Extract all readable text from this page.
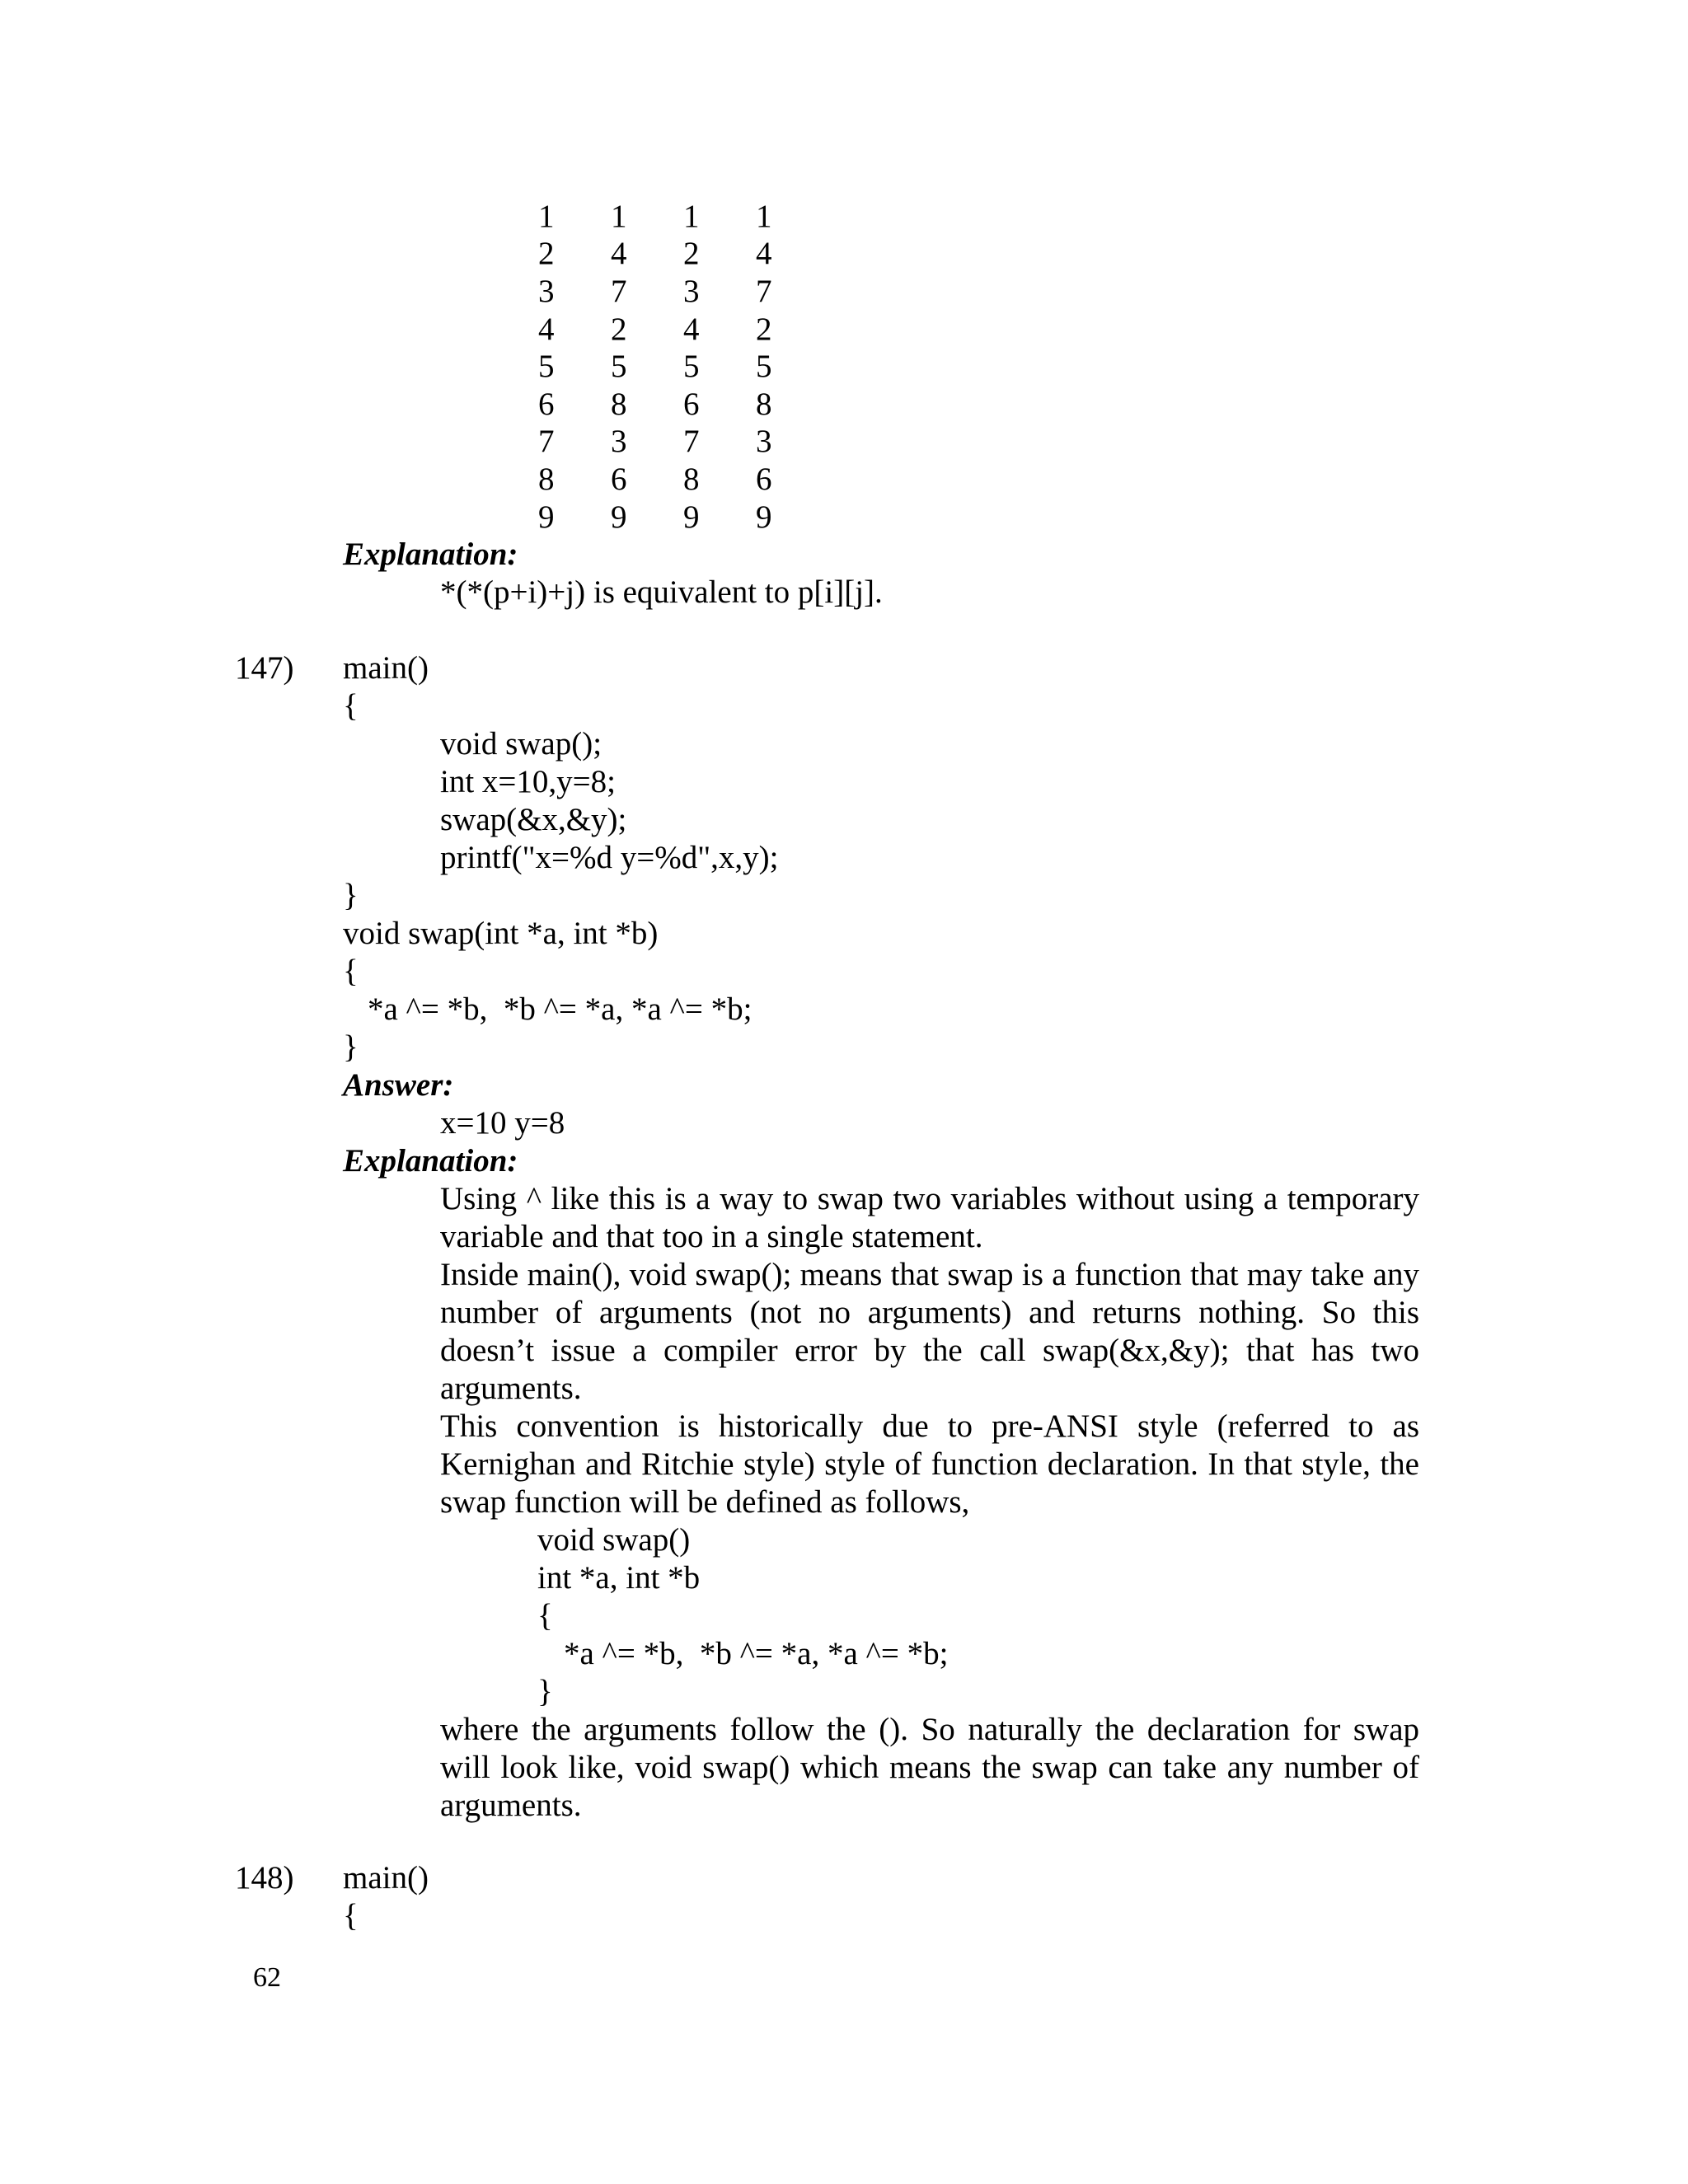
1	1	1	1
2	4	2	4
3	7	3	7
4	2	4	2
5	5	5	5
6	8	6	8
7	3	7	3
8	6	8	6
9	9	9	9
Explanation:
*(*(p+i)+j) is equivalent to p[i][j].
147) main()
{
void swap();
int x=10,y=8;
swap(&x,&y);
printf("x=%d y=%d",x,y);
}
void swap(int *a, int *b)
{
*a ^= *b,  *b ^= *a, *a ^= *b;
}
Answer:
x=10 y=8
Explanation:
Using ^ like this is a way to swap two variables without using a temporary variable and that too in a single statement.
Inside main(), void swap(); means that swap is a function that may take any number of arguments (not no arguments) and returns nothing. So this doesn’t issue a compiler error by the call swap(&x,&y); that has two arguments.
This convention is historically due to pre-ANSI style (referred to as Kernighan and Ritchie style) style of function declaration. In that style, the swap function will be defined as follows,
void swap()
int *a, int *b
{
*a ^= *b,  *b ^= *a, *a ^= *b;
}
where the arguments follow the (). So naturally the declaration for swap will look like, void swap() which means the swap can take any number of arguments.
148) main()
{
62
